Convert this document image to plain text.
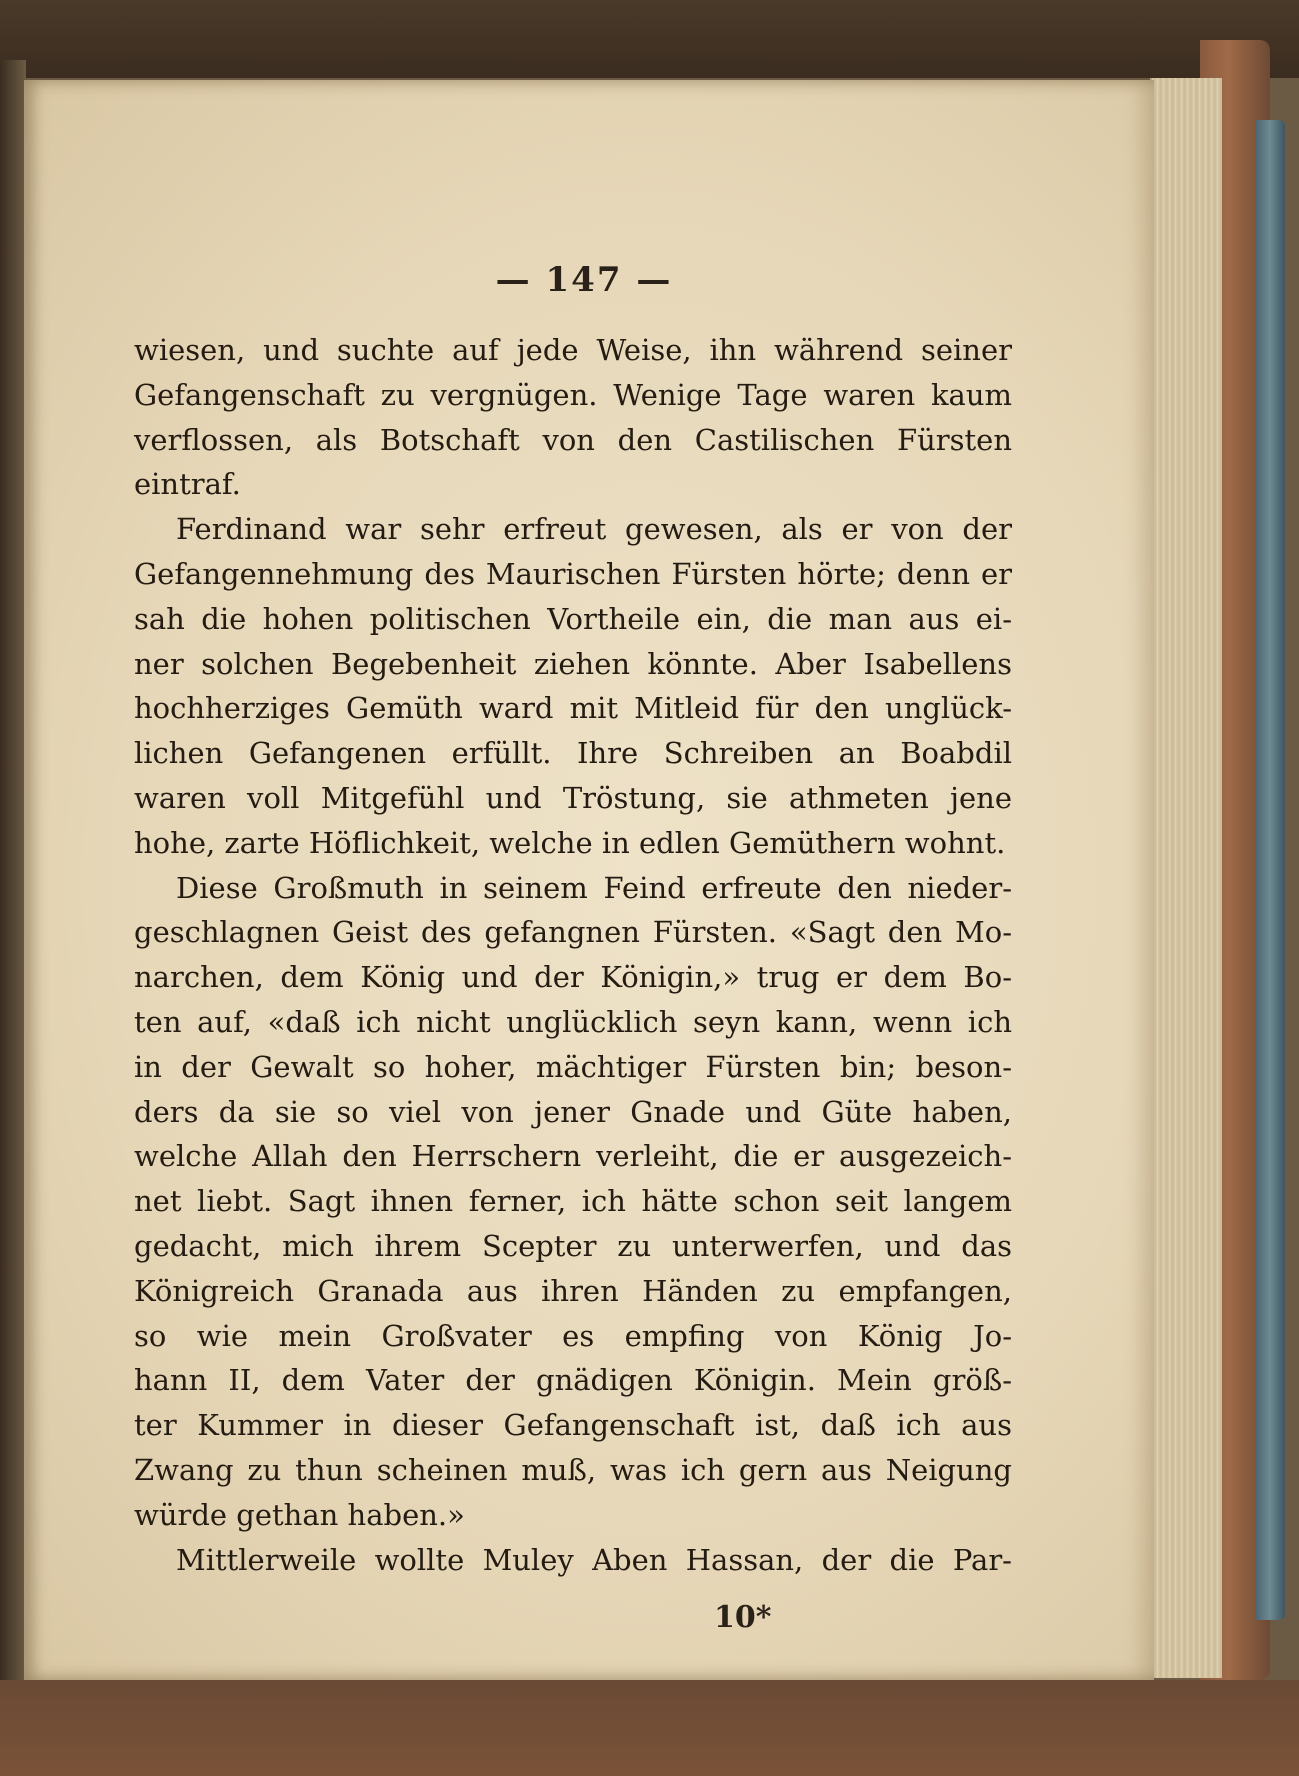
— 147 —
wiesen, und suchte auf jede Weise, ihn während seiner
Gefangenschaft zu vergnügen. Wenige Tage waren kaum
verflossen, als Botschaft von den Castilischen Fürsten
eintraf.
Ferdinand war sehr erfreut gewesen, als er von der
Gefangennehmung des Maurischen Fürsten hörte; denn er
sah die hohen politischen Vortheile ein, die man aus ei-
ner solchen Begebenheit ziehen könnte. Aber Isabellens
hochherziges Gemüth ward mit Mitleid für den unglück-
lichen Gefangenen erfüllt. Ihre Schreiben an Boabdil
waren voll Mitgefühl und Tröstung, sie athmeten jene
hohe, zarte Höflichkeit, welche in edlen Gemüthern wohnt.
Diese Großmuth in seinem Feind erfreute den nieder-
geschlagnen Geist des gefangnen Fürsten. «Sagt den Mo-
narchen, dem König und der Königin,» trug er dem Bo-
ten auf, «daß ich nicht unglücklich seyn kann, wenn ich
in der Gewalt so hoher, mächtiger Fürsten bin; beson-
ders da sie so viel von jener Gnade und Güte haben,
welche Allah den Herrschern verleiht, die er ausgezeich-
net liebt. Sagt ihnen ferner, ich hätte schon seit langem
gedacht, mich ihrem Scepter zu unterwerfen, und das
Königreich Granada aus ihren Händen zu empfangen,
so wie mein Großvater es empfing von König Jo-
hann II, dem Vater der gnädigen Königin. Mein größ-
ter Kummer in dieser Gefangenschaft ist, daß ich aus
Zwang zu thun scheinen muß, was ich gern aus Neigung
würde gethan haben.»
Mittlerweile wollte Muley Aben Hassan, der die Par-
10*
